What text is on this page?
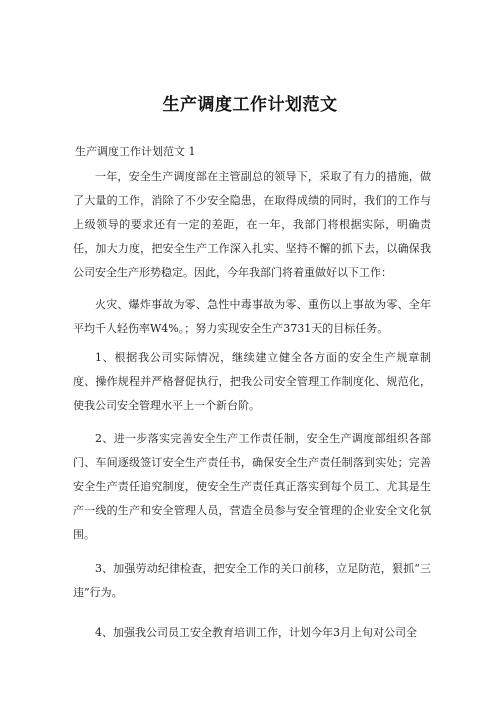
生产调度工作计划范文

生产调度工作计划范文 1

一年，安全生产调度部在主管副总的领导下，采取了有力的措施，做了大量的工作，消除了不少安全隐患，在取得成绩的同时，我们的工作与上级领导的要求还有一定的差距，在一年，我部门将根据实际，明确责任，加大力度，把安全生产工作深入扎实、坚持不懈的抓下去，以确保我公司安全生产形势稳定。因此，今年我部门将着重做好以下工作：

火灾、爆炸事故为零、急性中毒事故为零、重伤以上事故为零、全年平均千人轻伤率W4%。；努力实现安全生产3731天的目标任务。

1、根据我公司实际情况，继续建立健全各方面的安全生产规章制度、操作规程并严格督促执行，把我公司安全管理工作制度化、规范化，使我公司安全管理水平上一个新台阶。

2、进一步落实完善安全生产工作责任制，安全生产调度部组织各部门、车间逐级签订安全生产责任书，确保安全生产责任制落到实处；完善安全生产责任追究制度，使安全生产责任真正落实到每个员工、尤其是生产一线的生产和安全管理人员，营造全员参与安全管理的企业安全文化氛围。

3、加强劳动纪律检查，把安全工作的关口前移，立足防范，狠抓“三违”行为。

4、加强我公司员工安全教育培训工作，计划今年3月上旬对公司全
